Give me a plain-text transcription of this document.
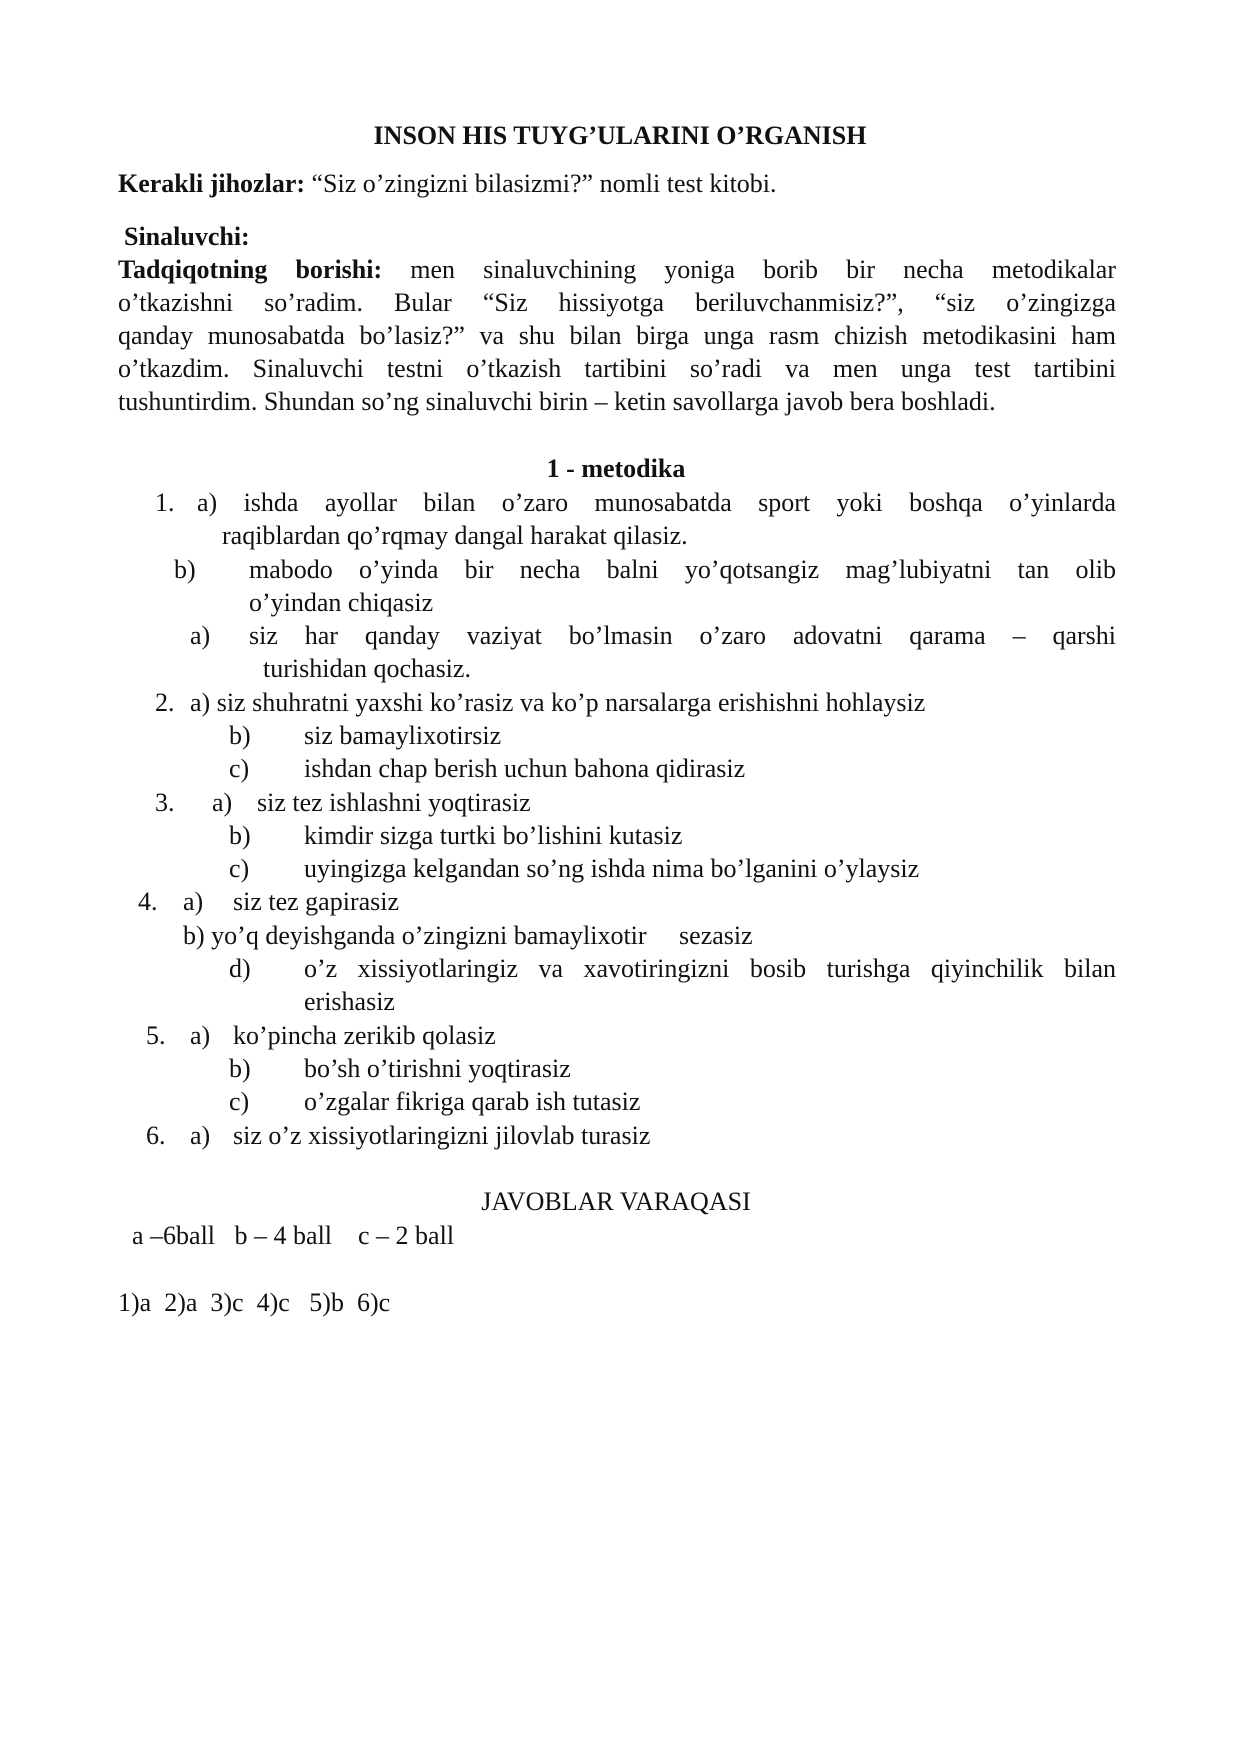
INSON HIS TUYG’ULARINI O’RGANISH
Kerakli jihozlar: “Siz o’zingizni bilasizmi?” nomli test kitobi.
Sinaluvchi:
Tadqiqotning borishi: men sinaluvchining yoniga borib bir necha metodikalar
o’tkazishni so’radim. Bular “Siz hissiyotga beriluvchanmisiz?”, “siz o’zingizga
qanday munosabatda bo’lasiz?” va shu bilan birga unga rasm chizish metodikasini ham
o’tkazdim. Sinaluvchi testni o’tkazish tartibini so’radi va men unga test tartibini
tushuntirdim. Shundan so’ng sinaluvchi birin – ketin savollarga javob bera boshladi.
1 - metodika
1. a) ishda ayollar bilan o’zaro munosabatda sport yoki boshqa o’yinlarda
raqiblardan qo’rqmay dangal harakat qilasiz.
b) mabodo o’yinda bir necha balni yo’qotsangiz mag’lubiyatni tan olib
o’yindan chiqasiz
a) siz har qanday vaziyat bo’lmasin o’zaro adovatni qarama – qarshi
turishidan qochasiz.
2. a) siz shuhratni yaxshi ko’rasiz va ko’p narsalarga erishishni hohlaysiz
b) siz bamaylixotirsiz
c) ishdan chap berish uchun bahona qidirasiz
3. a) siz tez ishlashni yoqtirasiz
b) kimdir sizga turtki bo’lishini kutasiz
c) uyingizga kelgandan so’ng ishda nima bo’lganini o’ylaysiz
4. a) siz tez gapirasiz
b) yo’q deyishganda o’zingizni bamaylixotir     sezasiz
d) o’z xissiyotlaringiz va xavotiringizni bosib turishga qiyinchilik bilan
erishasiz
5. a) ko’pincha zerikib qolasiz
b) bo’sh o’tirishni yoqtirasiz
c) o’zgalar fikriga qarab ish tutasiz
6. a) siz o’z xissiyotlaringizni jilovlab turasiz
JAVOBLAR VARAQASI
a –6ball   b – 4 ball    c – 2 ball
1)a  2)a  3)c  4)c   5)b  6)c
